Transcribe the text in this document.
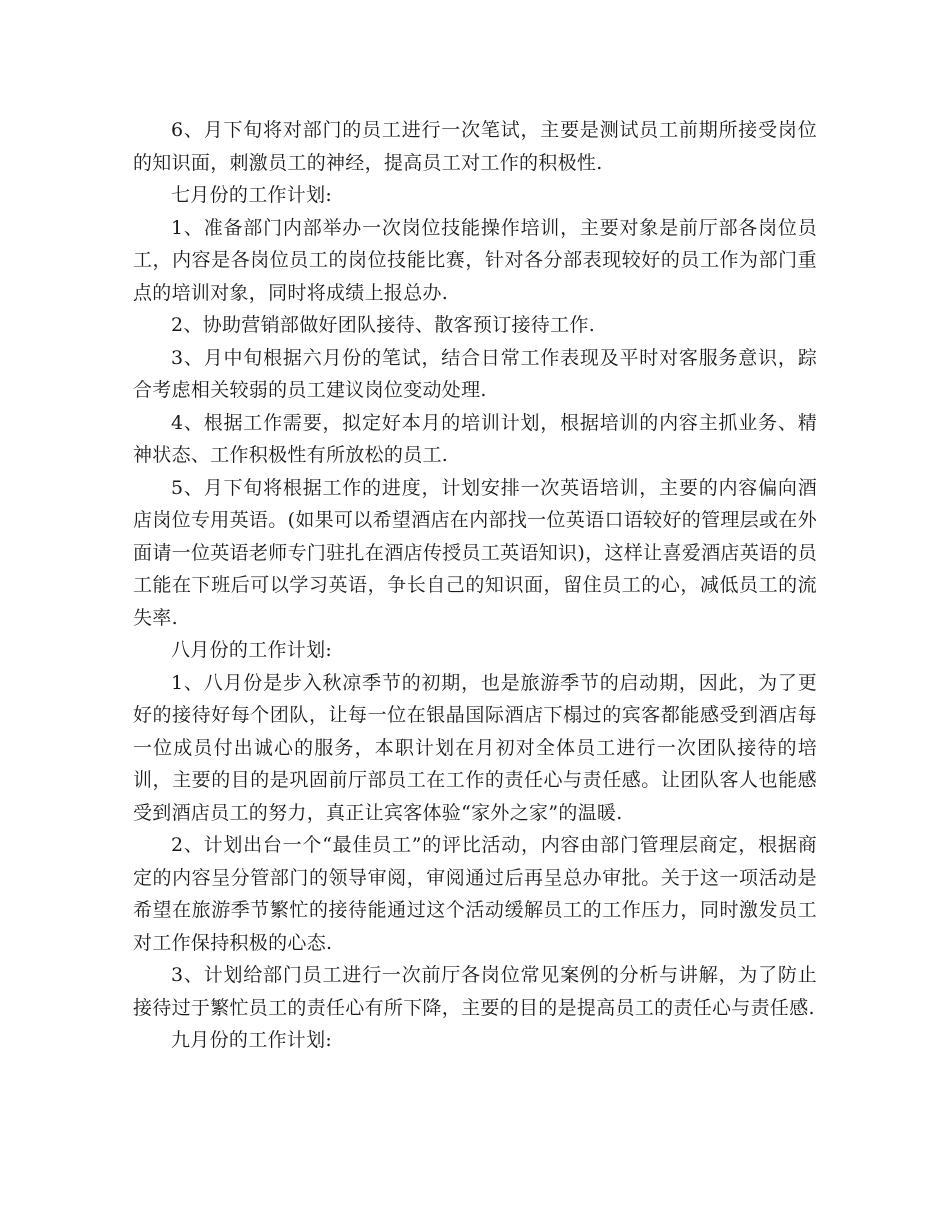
6、月下旬将对部门的员工进行一次笔试，主要是测试员工前期所接受岗位的知识面，刺激员工的神经，提高员工对工作的积极性.

七月份的工作计划:

1、准备部门内部举办一次岗位技能操作培训，主要对象是前厅部各岗位员工，内容是各岗位员工的岗位技能比赛，针对各分部表现较好的员工作为部门重点的培训对象，同时将成绩上报总办.

2、协助营销部做好团队接待、散客预订接待工作.

3、月中旬根据六月份的笔试，结合日常工作表现及平时对客服务意识，踪合考虑相关较弱的员工建议岗位变动处理.

4、根据工作需要，拟定好本月的培训计划，根据培训的内容主抓业务、精神状态、工作积极性有所放松的员工.

5、月下旬将根据工作的进度，计划安排一次英语培训，主要的内容偏向酒店岗位专用英语。(如果可以希望酒店在内部找一位英语口语较好的管理层或在外面请一位英语老师专门驻扎在酒店传授员工英语知识)，这样让喜爱酒店英语的员工能在下班后可以学习英语，争长自己的知识面，留住员工的心，减低员工的流失率.

八月份的工作计划:

1、八月份是步入秋凉季节的初期，也是旅游季节的启动期，因此，为了更好的接待好每个团队，让每一位在银晶国际酒店下榻过的宾客都能感受到酒店每一位成员付出诚心的服务，本职计划在月初对全体员工进行一次团队接待的培训，主要的目的是巩固前厅部员工在工作的责任心与责任感。让团队客人也能感受到酒店员工的努力，真正让宾客体验“家外之家”的温暖.

2、计划出台一个“最佳员工”的评比活动，内容由部门管理层商定，根据商定的内容呈分管部门的领导审阅，审阅通过后再呈总办审批。关于这一项活动是希望在旅游季节繁忙的接待能通过这个活动缓解员工的工作压力，同时激发员工对工作保持积极的心态.

3、计划给部门员工进行一次前厅各岗位常见案例的分析与讲解，为了防止接待过于繁忙员工的责任心有所下降，主要的目的是提高员工的责任心与责任感.

九月份的工作计划:
